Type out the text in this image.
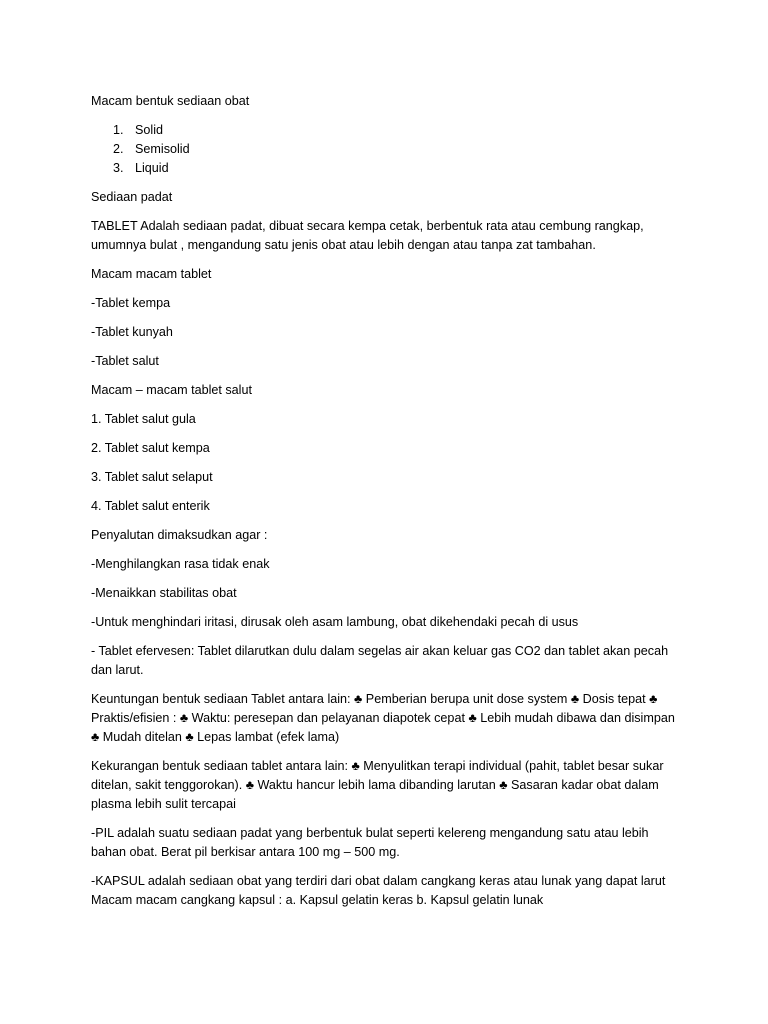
Macam bentuk sediaan obat

1. Solid
2. Semisolid
3. Liquid

Sediaan padat

TABLET Adalah sediaan padat, dibuat secara kempa cetak, berbentuk rata atau cembung rangkap, umumnya bulat , mengandung satu jenis obat atau lebih dengan atau tanpa zat tambahan.

Macam macam tablet

-Tablet kempa

-Tablet kunyah

-Tablet salut

Macam – macam tablet salut

1. Tablet salut gula

2. Tablet salut kempa

3. Tablet salut selaput

4. Tablet salut enterik

Penyalutan dimaksudkan agar :

-Menghilangkan rasa tidak enak

-Menaikkan stabilitas obat

-Untuk menghindari iritasi, dirusak oleh asam lambung, obat dikehendaki pecah di usus

- Tablet efervesen: Tablet dilarutkan dulu dalam segelas air akan keluar gas CO2 dan tablet akan pecah dan larut.

Keuntungan bentuk sediaan Tablet antara lain: ♣ Pemberian berupa unit dose system ♣ Dosis tepat ♣ Praktis/efisien : ♣ Waktu: peresepan dan pelayanan diapotek cepat ♣ Lebih mudah dibawa dan disimpan ♣ Mudah ditelan ♣ Lepas lambat (efek lama)

Kekurangan bentuk sediaan tablet antara lain: ♣ Menyulitkan terapi individual (pahit, tablet besar sukar ditelan, sakit tenggorokan). ♣ Waktu hancur lebih lama dibanding larutan ♣ Sasaran kadar obat dalam plasma lebih sulit tercapai

-PIL adalah suatu sediaan padat yang berbentuk bulat seperti kelereng mengandung satu atau lebih bahan obat. Berat pil berkisar antara 100 mg – 500 mg.

-KAPSUL adalah sediaan obat yang terdiri dari obat dalam cangkang keras atau lunak yang dapat larut Macam macam cangkang kapsul : a. Kapsul gelatin keras b. Kapsul gelatin lunak
